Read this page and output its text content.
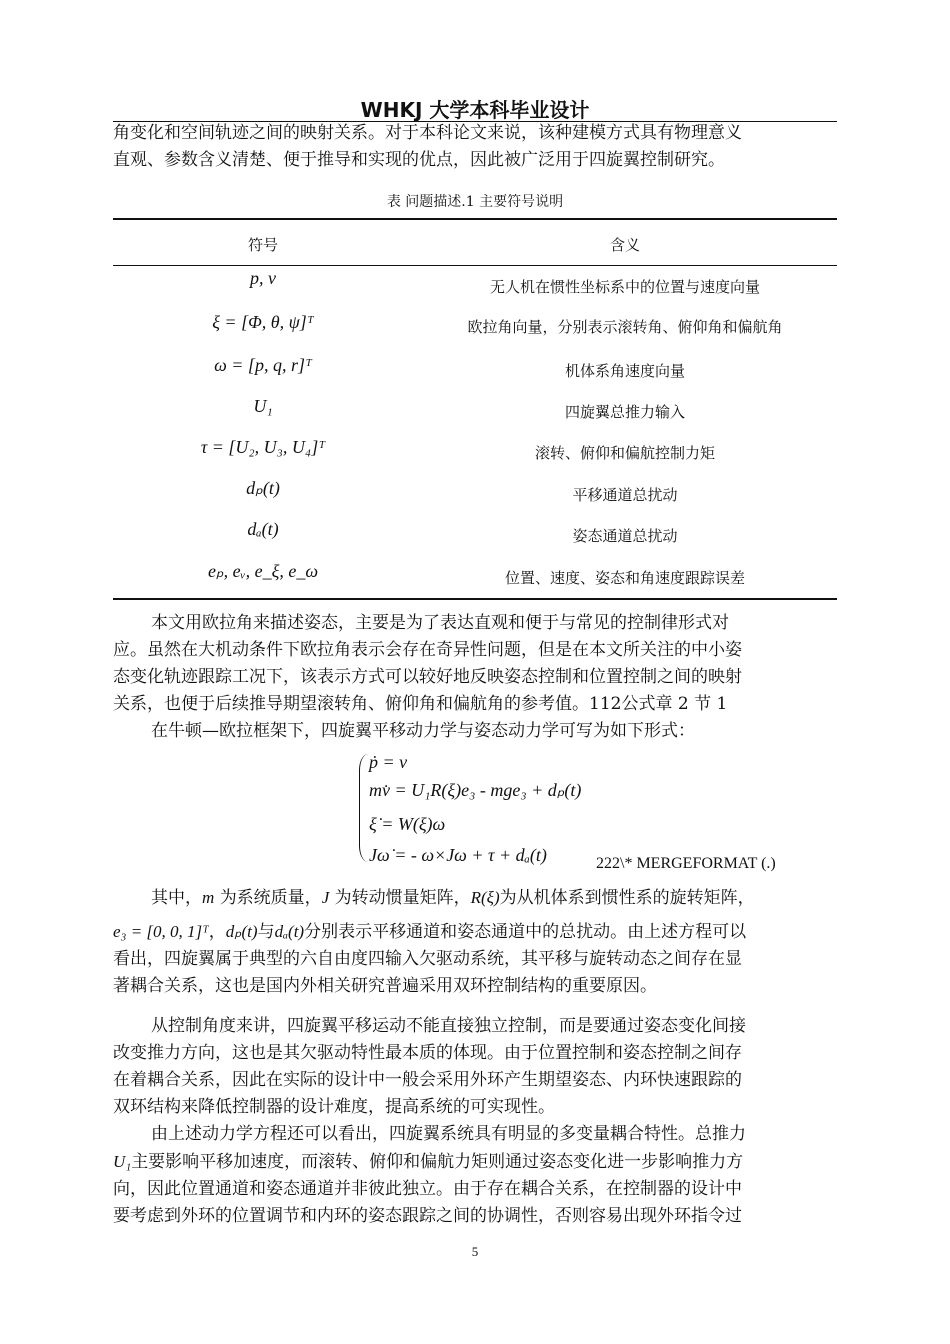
WHKJ 大学本科毕业设计
角变化和空间轨迹之间的映射关系。对于本科论文来说，该种建模方式具有物理意义
直观、参数含义清楚、便于推导和实现的优点，因此被广泛用于四旋翼控制研究。
表 问题描述.1 主要符号说明
符号	含义
p, v	无人机在惯性坐标系中的位置与速度向量
ξ = [Φ, θ, ψ]ᵀ	欧拉角向量，分别表示滚转角、俯仰角和偏航角
ω = [p, q, r]ᵀ	机体系角速度向量
U₁	四旋翼总推力输入
τ = [U₂, U₃, U₄]ᵀ	滚转、俯仰和偏航控制力矩
dₚ(t)	平移通道总扰动
dₐ(t)	姿态通道总扰动
eₚ, eᵥ, e_ξ, e_ω	位置、速度、姿态和角速度跟踪误差
本文用欧拉角来描述姿态，主要是为了表达直观和便于与常见的控制律形式对
应。虽然在大机动条件下欧拉角表示会存在奇异性问题，但是在本文所关注的中小姿
态变化轨迹跟踪工况下，该表示方式可以较好地反映姿态控制和位置控制之间的映射
关系，也便于后续推导期望滚转角、俯仰角和偏航角的参考值。112公式章 2 节 1
在牛顿—欧拉框架下，四旋翼平移动力学与姿态动力学可写为如下形式：
ṗ = v
mv̇ = U₁R(ξ)e₃ - mge₃ + dₚ(t)
ξ̇ = W(ξ)ω
Jω̇ = - ω×Jω + τ + dₐ(t)	222\* MERGEFORMAT (.)
其中，m 为系统质量，J 为转动惯量矩阵，R(ξ)为从机体系到惯性系的旋转矩阵，
e₃ = [0, 0, 1]ᵀ，dₚ(t)与dₐ(t)分别表示平移通道和姿态通道中的总扰动。由上述方程可以
看出，四旋翼属于典型的六自由度四输入欠驱动系统，其平移与旋转动态之间存在显
著耦合关系，这也是国内外相关研究普遍采用双环控制结构的重要原因。
从控制角度来讲，四旋翼平移运动不能直接独立控制，而是要通过姿态变化间接
改变推力方向，这也是其欠驱动特性最本质的体现。由于位置控制和姿态控制之间存
在着耦合关系，因此在实际的设计中一般会采用外环产生期望姿态、内环快速跟踪的
双环结构来降低控制器的设计难度，提高系统的可实现性。
由上述动力学方程还可以看出，四旋翼系统具有明显的多变量耦合特性。总推力
U₁主要影响平移加速度，而滚转、俯仰和偏航力矩则通过姿态变化进一步影响推力方
向，因此位置通道和姿态通道并非彼此独立。由于存在耦合关系，在控制器的设计中
要考虑到外环的位置调节和内环的姿态跟踪之间的协调性，否则容易出现外环指令过
5
